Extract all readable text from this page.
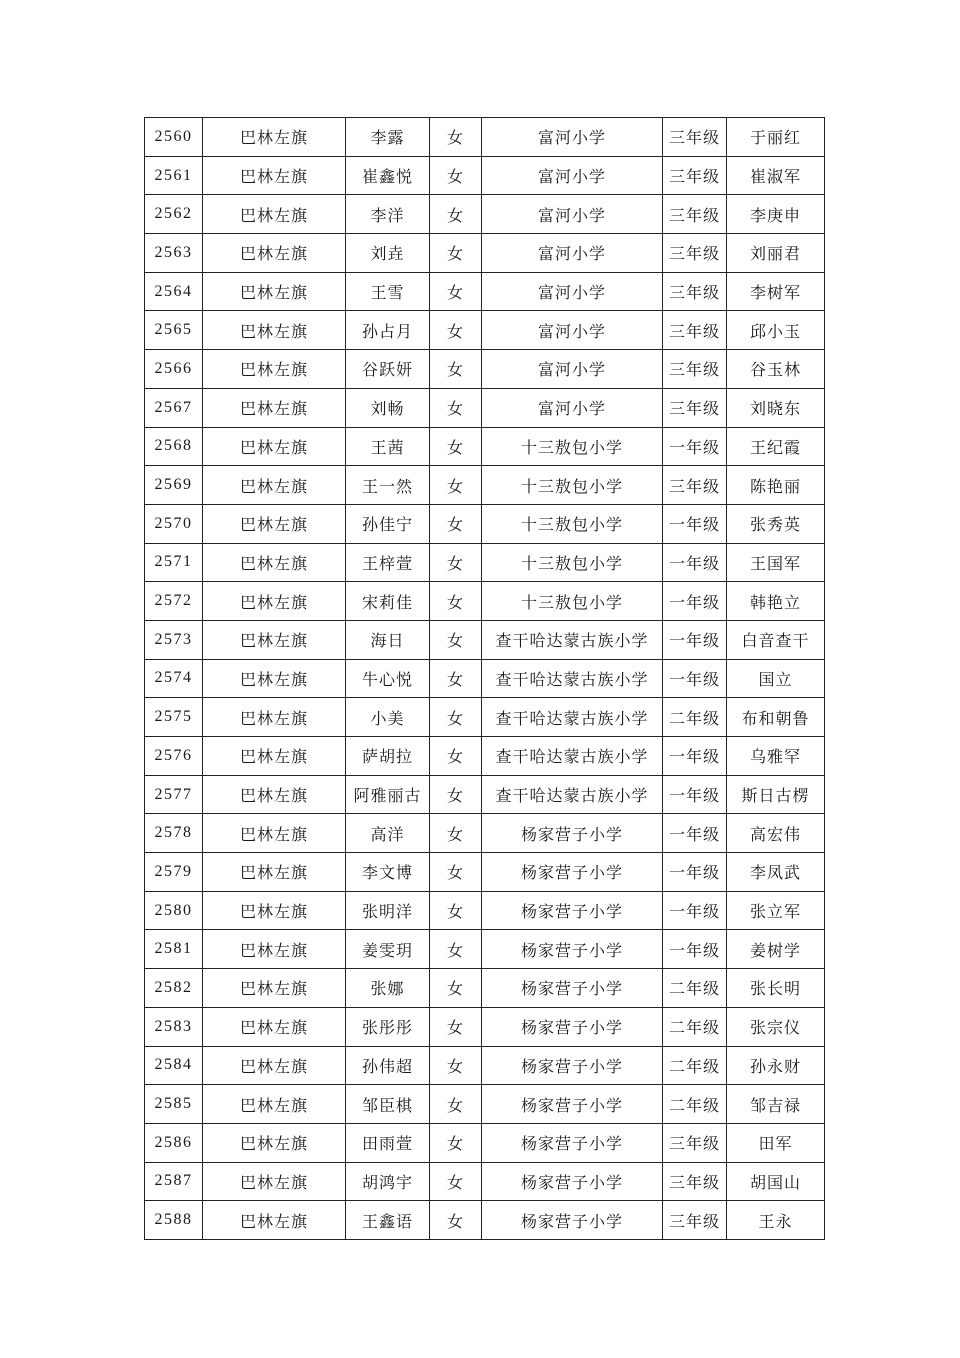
2560	巴林左旗	李露	女	富河小学	三年级	于丽红
2561	巴林左旗	崔鑫悦	女	富河小学	三年级	崔淑军
2562	巴林左旗	李洋	女	富河小学	三年级	李庚申
2563	巴林左旗	刘垚	女	富河小学	三年级	刘丽君
2564	巴林左旗	王雪	女	富河小学	三年级	李树军
2565	巴林左旗	孙占月	女	富河小学	三年级	邱小玉
2566	巴林左旗	谷跃妍	女	富河小学	三年级	谷玉林
2567	巴林左旗	刘畅	女	富河小学	三年级	刘晓东
2568	巴林左旗	王茜	女	十三敖包小学	一年级	王纪霞
2569	巴林左旗	王一然	女	十三敖包小学	三年级	陈艳丽
2570	巴林左旗	孙佳宁	女	十三敖包小学	一年级	张秀英
2571	巴林左旗	王梓萱	女	十三敖包小学	一年级	王国军
2572	巴林左旗	宋莉佳	女	十三敖包小学	一年级	韩艳立
2573	巴林左旗	海日	女	查干哈达蒙古族小学	一年级	白音查干
2574	巴林左旗	牛心悦	女	查干哈达蒙古族小学	一年级	国立
2575	巴林左旗	小美	女	查干哈达蒙古族小学	二年级	布和朝鲁
2576	巴林左旗	萨胡拉	女	查干哈达蒙古族小学	一年级	乌雅罕
2577	巴林左旗	阿雅丽古	女	查干哈达蒙古族小学	一年级	斯日古楞
2578	巴林左旗	高洋	女	杨家营子小学	一年级	高宏伟
2579	巴林左旗	李文博	女	杨家营子小学	一年级	李凤武
2580	巴林左旗	张明洋	女	杨家营子小学	一年级	张立军
2581	巴林左旗	姜雯玥	女	杨家营子小学	一年级	姜树学
2582	巴林左旗	张娜	女	杨家营子小学	二年级	张长明
2583	巴林左旗	张彤彤	女	杨家营子小学	二年级	张宗仪
2584	巴林左旗	孙伟超	女	杨家营子小学	二年级	孙永财
2585	巴林左旗	邹臣棋	女	杨家营子小学	二年级	邹吉禄
2586	巴林左旗	田雨萱	女	杨家营子小学	三年级	田军
2587	巴林左旗	胡鸿宇	女	杨家营子小学	三年级	胡国山
2588	巴林左旗	王鑫语	女	杨家营子小学	三年级	王永
